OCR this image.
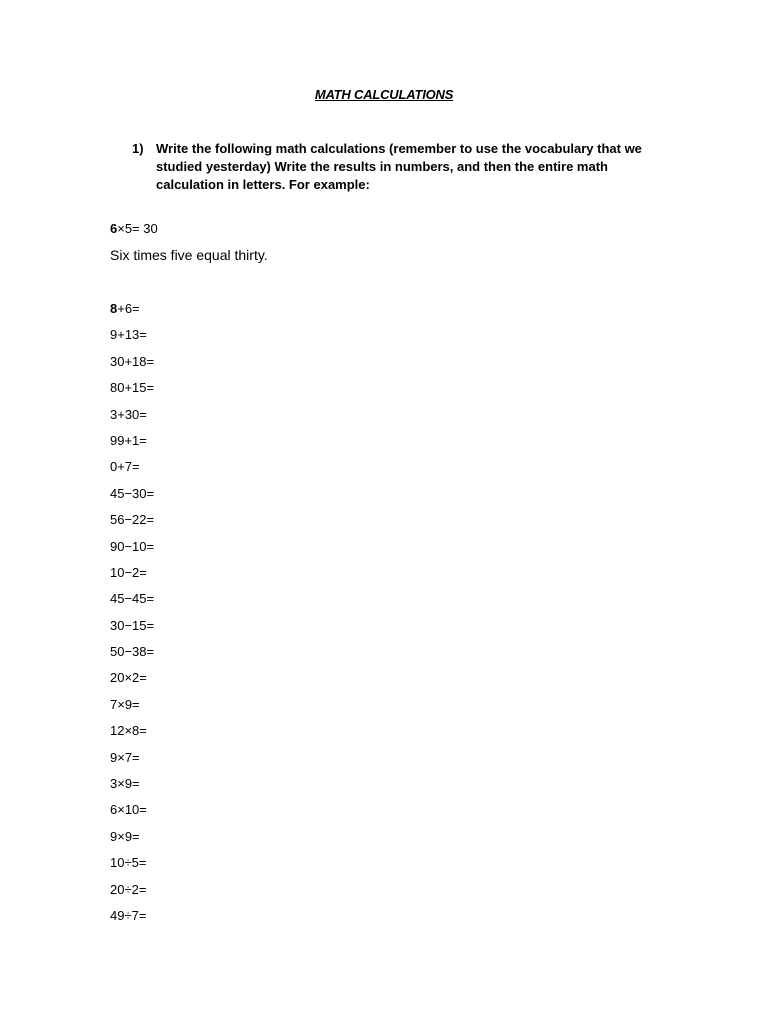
MATH CALCULATIONS
1) Write the following math calculations (remember to use the vocabulary that we studied yesterday) Write the results in numbers, and then the entire math calculation in letters. For example:
6×5= 30
Six times five equal thirty.
8+6=
9+13=
30+18=
80+15=
3+30=
99+1=
0+7=
45−30=
56−22=
90−10=
10−2=
45−45=
30−15=
50−38=
20×2=
7×9=
12×8=
9×7=
3×9=
6×10=
9×9=
10÷5=
20÷2=
49÷7=
